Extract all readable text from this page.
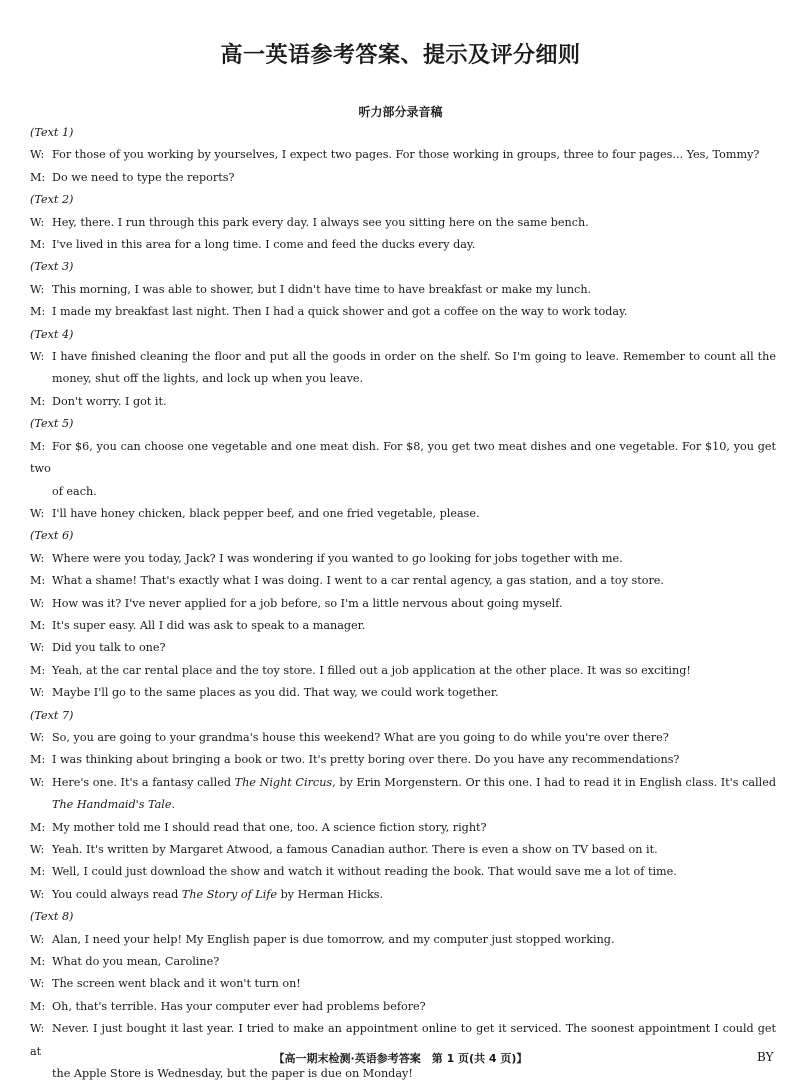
高一英语参考答案、提示及评分细则
听力部分录音稿
(Text 1)
W: For those of you working by yourselves, I expect two pages. For those working in groups, three to four pages... Yes, Tommy?
M: Do we need to type the reports?
(Text 2)
W: Hey, there. I run through this park every day. I always see you sitting here on the same bench.
M: I've lived in this area for a long time. I come and feed the ducks every day.
(Text 3)
W: This morning, I was able to shower, but I didn't have time to have breakfast or make my lunch.
M: I made my breakfast last night. Then I had a quick shower and got a coffee on the way to work today.
(Text 4)
W: I have finished cleaning the floor and put all the goods in order on the shelf. So I'm going to leave. Remember to count all the
money, shut off the lights, and lock up when you leave.
M: Don't worry. I got it.
(Text 5)
M: For $6, you can choose one vegetable and one meat dish. For $8, you get two meat dishes and one vegetable. For $10, you get two
of each.
W: I'll have honey chicken, black pepper beef, and one fried vegetable, please.
(Text 6)
W: Where were you today, Jack? I was wondering if you wanted to go looking for jobs together with me.
M: What a shame! That's exactly what I was doing. I went to a car rental agency, a gas station, and a toy store.
W: How was it? I've never applied for a job before, so I'm a little nervous about going myself.
M: It's super easy. All I did was ask to speak to a manager.
W: Did you talk to one?
M: Yeah, at the car rental place and the toy store. I filled out a job application at the other place. It was so exciting!
W: Maybe I'll go to the same places as you did. That way, we could work together.
(Text 7)
W: So, you are going to your grandma's house this weekend? What are you going to do while you're over there?
M: I was thinking about bringing a book or two. It's pretty boring over there. Do you have any recommendations?
W: Here's one. It's a fantasy called The Night Circus, by Erin Morgenstern. Or this one. I had to read it in English class. It's called
The Handmaid's Tale.
M: My mother told me I should read that one, too. A science fiction story, right?
W: Yeah. It's written by Margaret Atwood, a famous Canadian author. There is even a show on TV based on it.
M: Well, I could just download the show and watch it without reading the book. That would save me a lot of time.
W: You could always read The Story of Life by Herman Hicks.
(Text 8)
W: Alan, I need your help! My English paper is due tomorrow, and my computer just stopped working.
M: What do you mean, Caroline?
W: The screen went black and it won't turn on!
M: Oh, that's terrible. Has your computer ever had problems before?
W: Never. I just bought it last year. I tried to make an appointment online to get it serviced. The soonest appointment I could get at
the Apple Store is Wednesday, but the paper is due on Monday!
【高一期末检测·英语参考答案　第 1 页(共 4 页)】	BY
